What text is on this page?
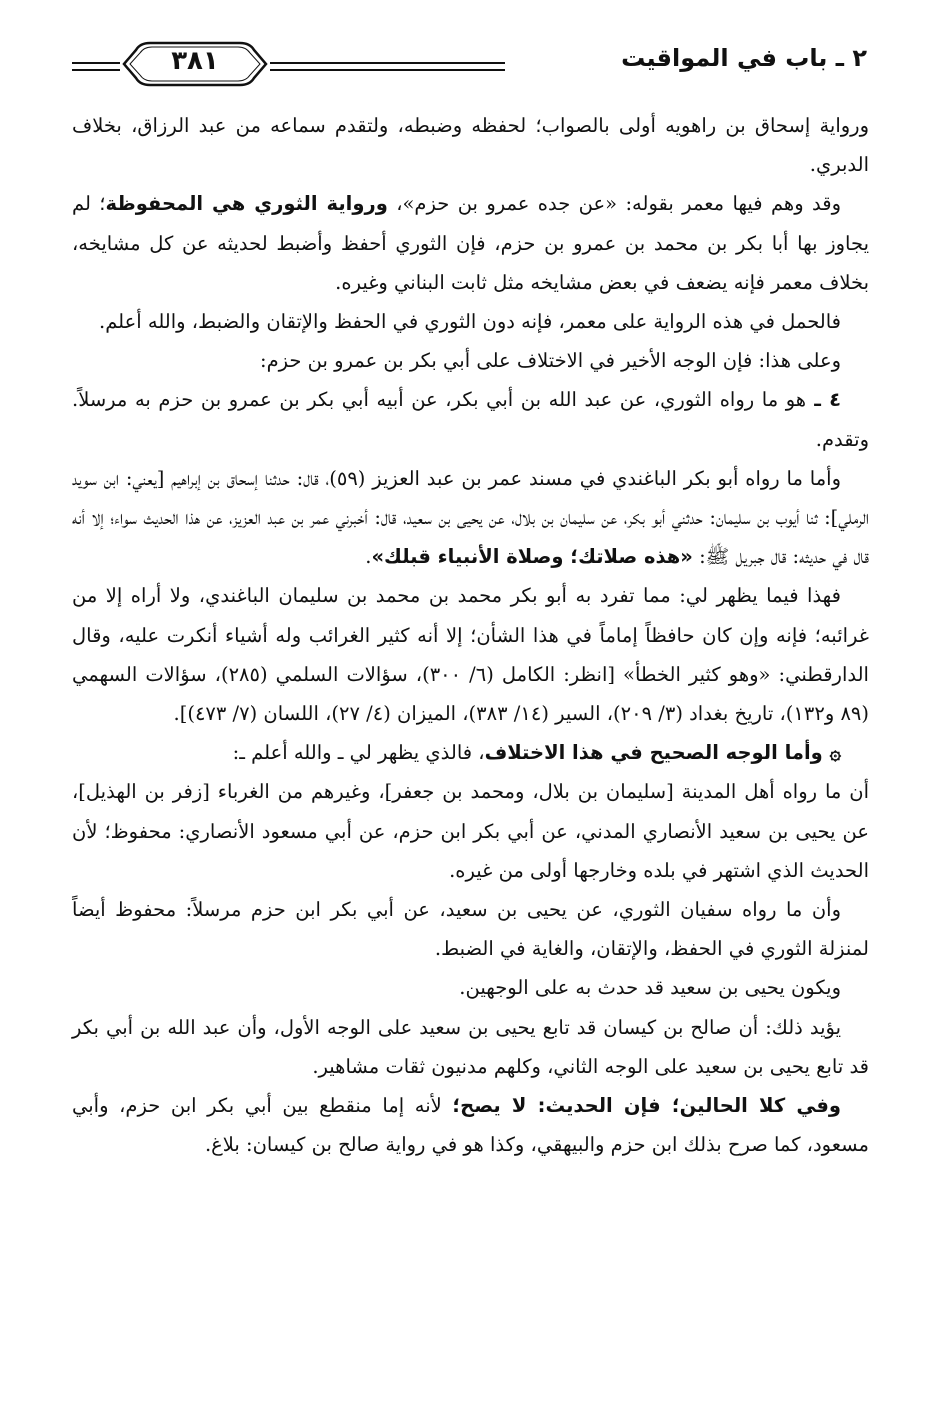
٢ ـ باب في المواقيت
٣٨١

ورواية إسحاق بن راهويه أولى بالصواب؛ لحفظه وضبطه، ولتقدم سماعه من عبد الرزاق، بخلاف الدبري.

وقد وهم فيها معمر بقوله: «عن جده عمرو بن حزم»، ورواية الثوري هي المحفوظة؛ لم يجاوز بها أبا بكر بن محمد بن عمرو بن حزم، فإن الثوري أحفظ وأضبط لحديثه عن كل مشايخه، بخلاف معمر فإنه يضعف في بعض مشايخه مثل ثابت البناني وغيره.

فالحمل في هذه الرواية على معمر، فإنه دون الثوري في الحفظ والإتقان والضبط، والله أعلم.

وعلى هذا: فإن الوجه الأخير في الاختلاف على أبي بكر بن عمرو بن حزم:

٤ ـ هو ما رواه الثوري، عن عبد الله بن أبي بكر، عن أبيه أبي بكر بن عمرو بن حزم به مرسلاً. وتقدم.

وأما ما رواه أبو بكر الباغندي في مسند عمر بن عبد العزيز (٥٩)، قال: حدثنا إسحاق بن إبراهيم [يعني: ابن سويد الرملي]: ثنا أيوب بن سليمان: حدثني أبو بكر، عن سليمان بن بلال، عن يحيى بن سعيد، قال: أخبرني عمر بن عبد العزيز، عن هذا الحديث سواء؛ إلا أنه قال في حديثه: قال جبريل ﷺ: «هذه صلاتك؛ وصلاة الأنبياء قبلك».

فهذا فيما يظهر لي: مما تفرد به أبو بكر محمد بن محمد بن سليمان الباغندي، ولا أراه إلا من غرائبه؛ فإنه وإن كان حافظاً إماماً في هذا الشأن؛ إلا أنه كثير الغرائب وله أشياء أنكرت عليه، وقال الدارقطني: «وهو كثير الخطأ» [انظر: الكامل (٦/ ٣٠٠)، سؤالات السلمي (٢٨٥)، سؤالات السهمي (٨٩ و١٣٢)، تاريخ بغداد (٣/ ٢٠٩)، السير (١٤/ ٣٨٣)، الميزان (٤/ ٢٧)، اللسان (٧/ ٤٧٣)].

۞ وأما الوجه الصحيح في هذا الاختلاف، فالذي يظهر لي ـ والله أعلم ـ:

أن ما رواه أهل المدينة [سليمان بن بلال، ومحمد بن جعفر]، وغيرهم من الغرباء [زفر بن الهذيل]، عن يحيى بن سعيد الأنصاري المدني، عن أبي بكر ابن حزم، عن أبي مسعود الأنصاري: محفوظ؛ لأن الحديث الذي اشتهر في بلده وخارجها أولى من غيره.

وأن ما رواه سفيان الثوري، عن يحيى بن سعيد، عن أبي بكر ابن حزم مرسلاً: محفوظ أيضاً لمنزلة الثوري في الحفظ، والإتقان، والغاية في الضبط.

ويكون يحيى بن سعيد قد حدث به على الوجهين.

يؤيد ذلك: أن صالح بن كيسان قد تابع يحيى بن سعيد على الوجه الأول، وأن عبد الله بن أبي بكر قد تابع يحيى بن سعيد على الوجه الثاني، وكلهم مدنيون ثقات مشاهير.

وفي كلا الحالين؛ فإن الحديث: لا يصح؛ لأنه إما منقطع بين أبي بكر ابن حزم، وأبي مسعود، كما صرح بذلك ابن حزم والبيهقي، وكذا هو في رواية صالح بن كيسان: بلاغ.
